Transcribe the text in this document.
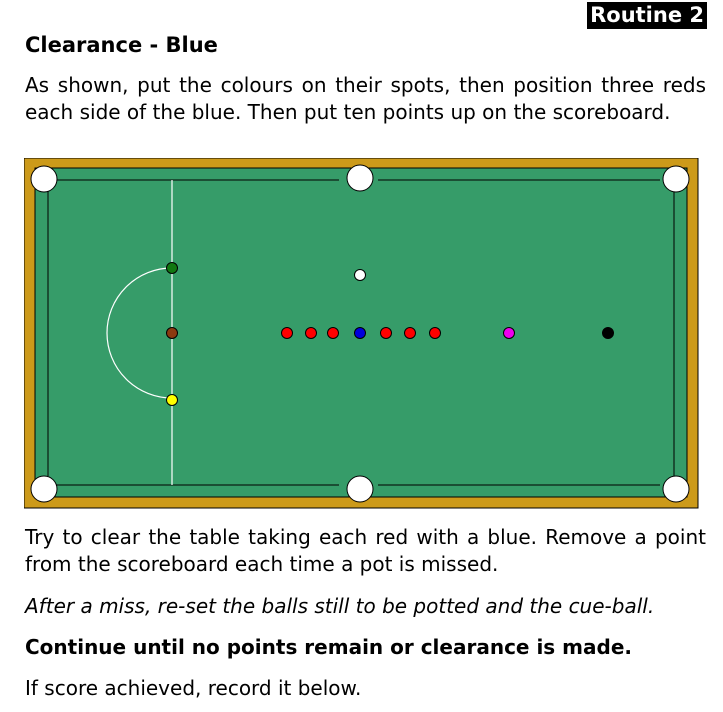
Routine 2
Clearance - Blue

As shown, put the colours on their spots, then position three reds each side of the blue. Then put ten points up on the scoreboard.

Try to clear the table taking each red with a blue. Remove a point from the scoreboard each time a pot is missed.

After a miss, re-set the balls still to be potted and the cue-ball.

Continue until no points remain or clearance is made.

If score achieved, record it below.
